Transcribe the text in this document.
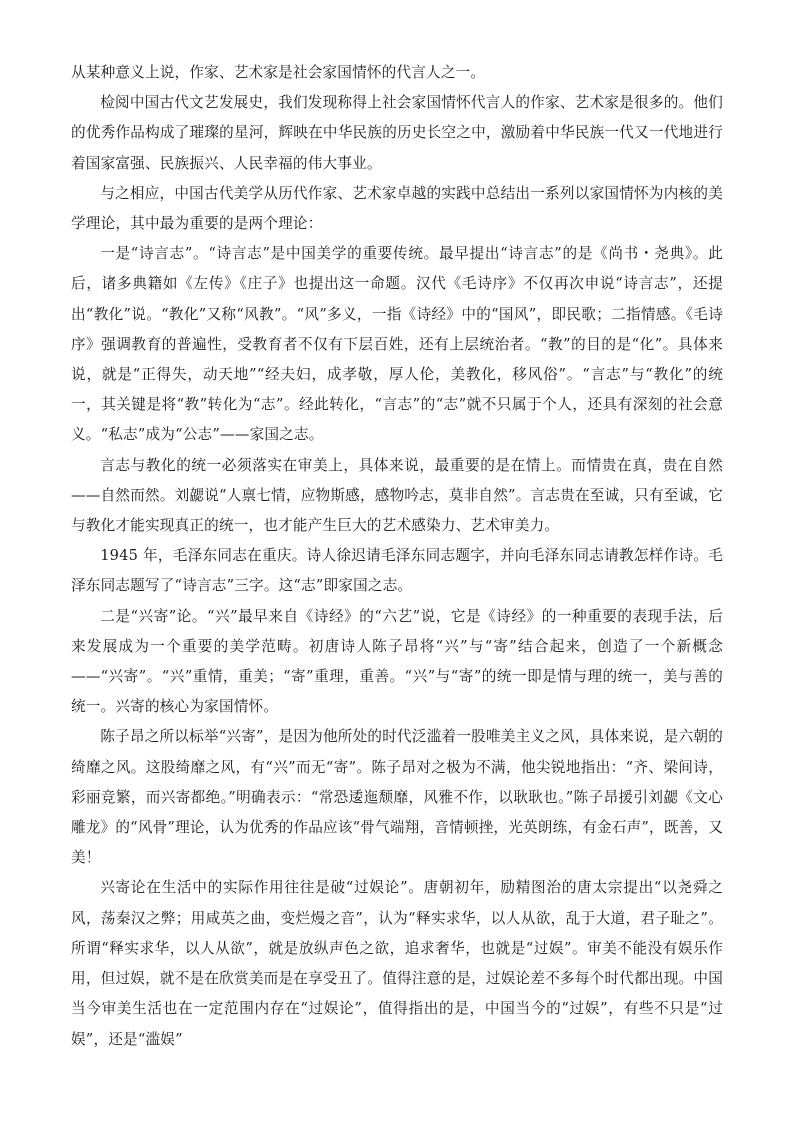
从某种意义上说，作家、艺术家是社会家国情怀的代言人之一。

检阅中国古代文艺发展史，我们发现称得上社会家国情怀代言人的作家、艺术家是很多的。他们的优秀作品构成了璀璨的星河，辉映在中华民族的历史长空之中，激励着中华民族一代又一代地进行着国家富强、民族振兴、人民幸福的伟大事业。

与之相应，中国古代美学从历代作家、艺术家卓越的实践中总结出一系列以家国情怀为内核的美学理论，其中最为重要的是两个理论：

一是“诗言志”。“诗言志”是中国美学的重要传统。最早提出“诗言志”的是《尚书・尧典》。此后，诸多典籍如《左传》《庄子》也提出这一命题。汉代《毛诗序》不仅再次申说“诗言志”，还提出“教化”说。“教化”又称“风教”。“风”多义，一指《诗经》中的“国风”，即民歌；二指情感。《毛诗序》强调教育的普遍性，受教育者不仅有下层百姓，还有上层统治者。“教”的目的是“化”。具体来说，就是“正得失，动天地”“经夫妇，成孝敬，厚人伦，美教化，移风俗”。“言志”与“教化”的统一，其关键是将“教”转化为“志”。经此转化，“言志”的“志”就不只属于个人，还具有深刻的社会意义。“私志”成为“公志”——家国之志。

言志与教化的统一必须落实在审美上，具体来说，最重要的是在情上。而情贵在真，贵在自然——自然而然。刘勰说“人禀七情，应物斯感，感物吟志，莫非自然”。言志贵在至诚，只有至诚，它与教化才能实现真正的统一，也才能产生巨大的艺术感染力、艺术审美力。

1945 年，毛泽东同志在重庆。诗人徐迟请毛泽东同志题字，并向毛泽东同志请教怎样作诗。毛泽东同志题写了“诗言志”三字。这“志”即家国之志。

二是“兴寄”论。“兴”最早来自《诗经》的“六艺”说，它是《诗经》的一种重要的表现手法，后来发展成为一个重要的美学范畴。初唐诗人陈子昂将“兴”与“寄”结合起来，创造了一个新概念——“兴寄”。“兴”重情，重美；“寄”重理，重善。“兴”与“寄”的统一即是情与理的统一，美与善的统一。兴寄的核心为家国情怀。

陈子昂之所以标举“兴寄”，是因为他所处的时代泛滥着一股唯美主义之风，具体来说，是六朝的绮靡之风。这股绮靡之风，有“兴”而无“寄”。陈子昂对之极为不满，他尖锐地指出：“齐、梁间诗，彩丽竞繁，而兴寄都绝。”明确表示：“常恐逶迤颓靡，风雅不作，以耿耿也。”陈子昂援引刘勰《文心雕龙》的“风骨”理论，认为优秀的作品应该“骨气端翔，音情顿挫，光英朗练，有金石声”，既善，又美！

兴寄论在生活中的实际作用往往是破“过娱论”。唐朝初年，励精图治的唐太宗提出“以尧舜之风，荡秦汉之弊；用咸英之曲，变烂熳之音”，认为“释实求华，以人从欲，乱于大道，君子耻之”。所谓“释实求华，以人从欲”，就是放纵声色之欲，追求奢华，也就是“过娱”。审美不能没有娱乐作用，但过娱，就不是在欣赏美而是在享受丑了。值得注意的是，过娱论差不多每个时代都出现。中国当今审美生活也在一定范围内存在“过娱论”，值得指出的是，中国当今的“过娱”，有些不只是“过娱”，还是“滥娱”
